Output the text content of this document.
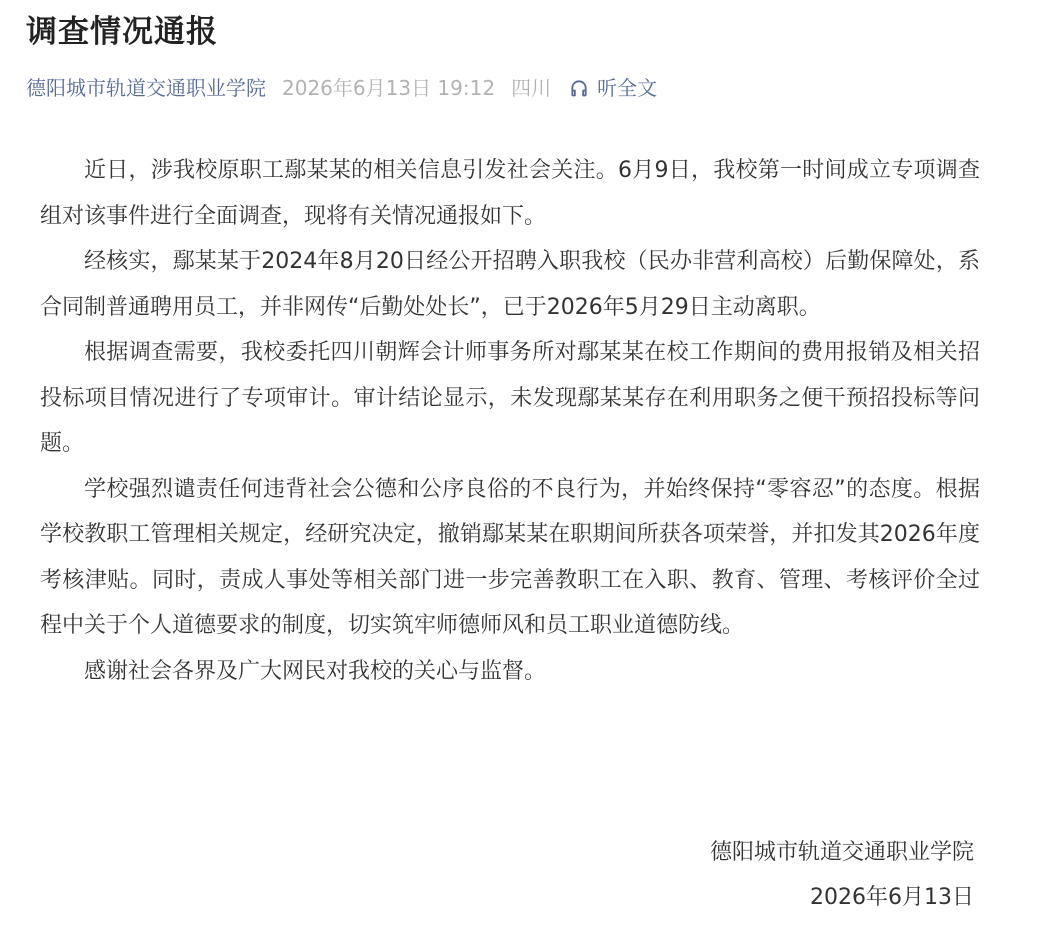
调查情况通报
德阳城市轨道交通职业学院 2026年6月13日 19:12 四川 听全文

近日，涉我校原职工鄢某某的相关信息引发社会关注。6月9日，我校第一时间成立专项调查组对该事件进行全面调查，现将有关情况通报如下。

经核实，鄢某某于2024年8月20日经公开招聘入职我校（民办非营利高校）后勤保障处，系合同制普通聘用员工，并非网传“后勤处处长”，已于2026年5月29日主动离职。

根据调查需要，我校委托四川朝辉会计师事务所对鄢某某在校工作期间的费用报销及相关招投标项目情况进行了专项审计。审计结论显示，未发现鄢某某存在利用职务之便干预招投标等问题。

学校强烈谴责任何违背社会公德和公序良俗的不良行为，并始终保持“零容忍”的态度。根据学校教职工管理相关规定，经研究决定，撤销鄢某某在职期间所获各项荣誉，并扣发其2026年度考核津贴。同时，责成人事处等相关部门进一步完善教职工在入职、教育、管理、考核评价全过程中关于个人道德要求的制度，切实筑牢师德师风和员工职业道德防线。

感谢社会各界及广大网民对我校的关心与监督。

德阳城市轨道交通职业学院
2026年6月13日
